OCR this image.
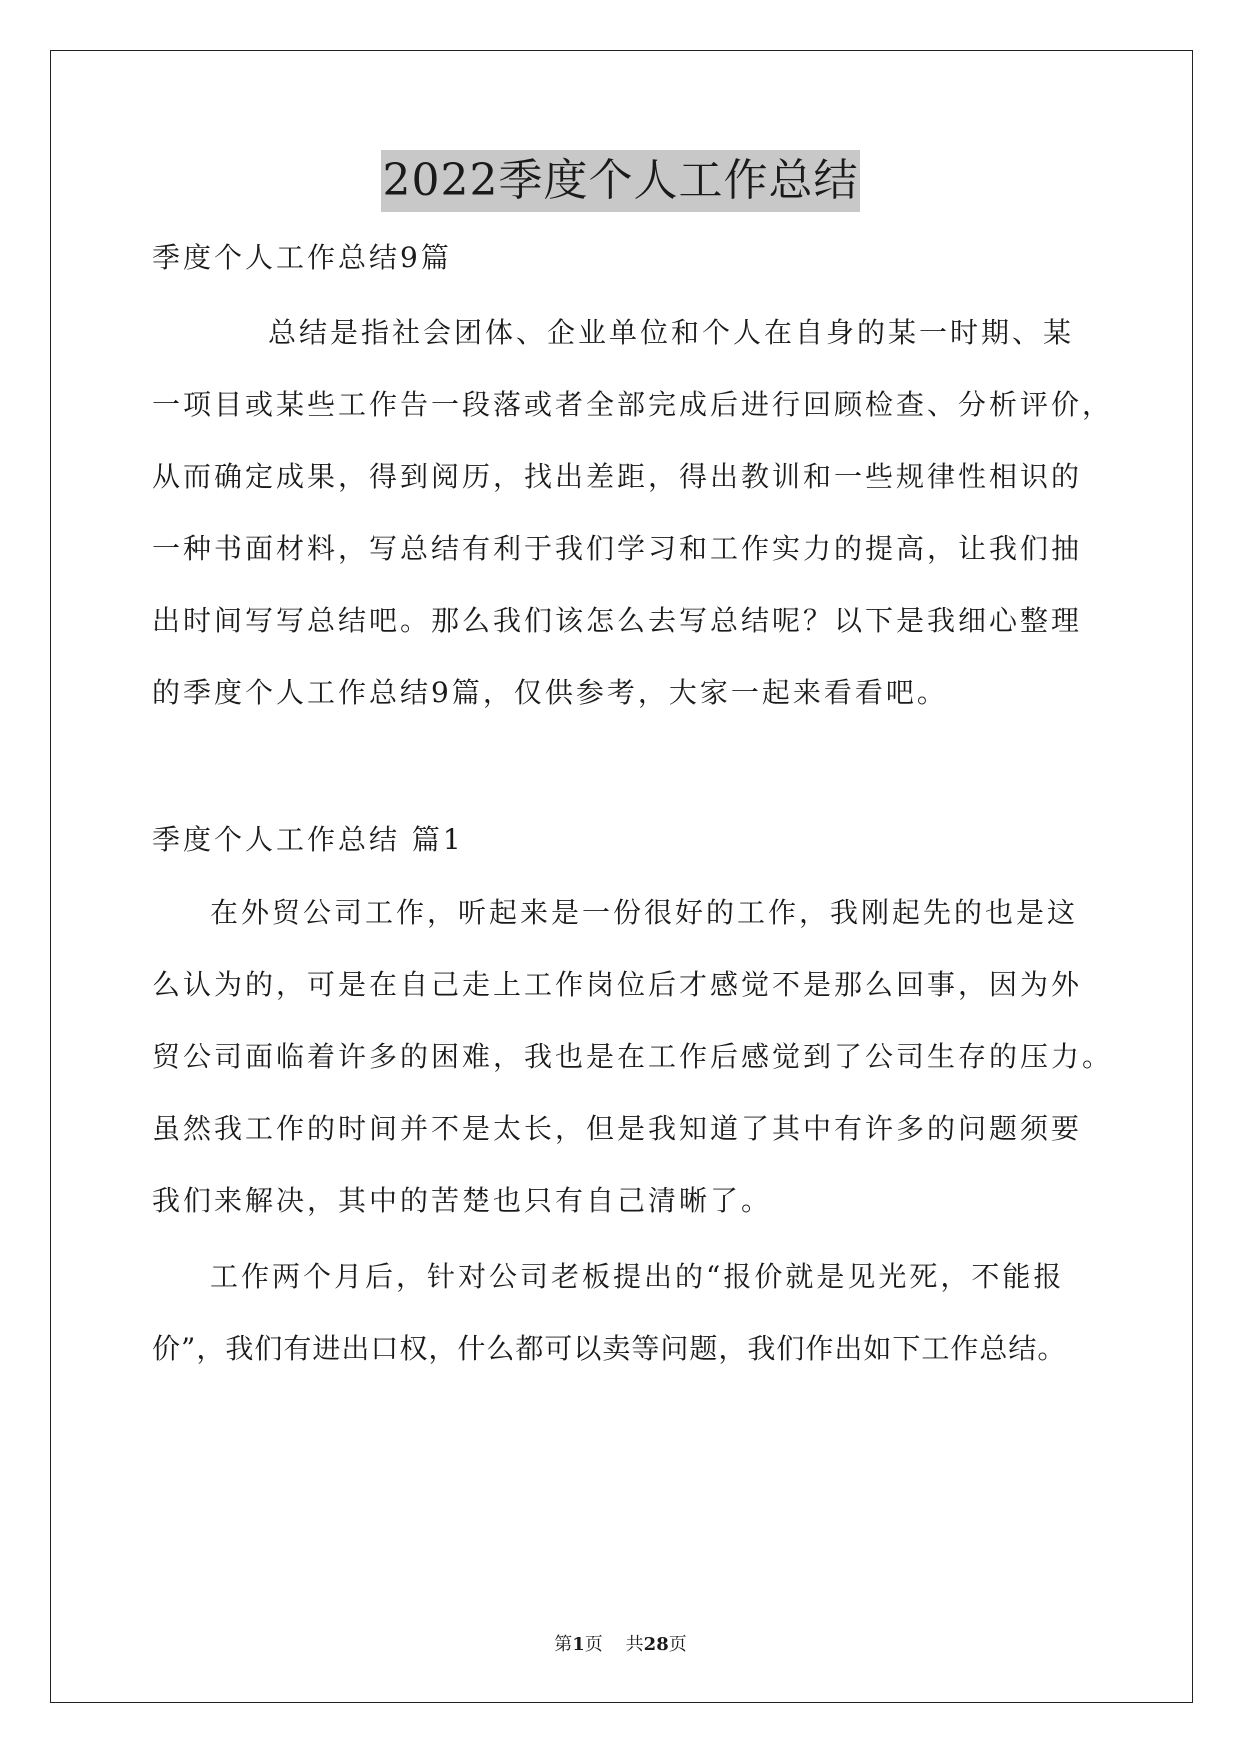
2022季度个人工作总结
季度个人工作总结9篇
总结是指社会团体、企业单位和个人在自身的某一时期、某
一项目或某些工作告一段落或者全部完成后进行回顾检查、分析评价，
从而确定成果，得到阅历，找出差距，得出教训和一些规律性相识的
一种书面材料，写总结有利于我们学习和工作实力的提高，让我们抽
出时间写写总结吧。那么我们该怎么去写总结呢？以下是我细心整理
的季度个人工作总结9篇，仅供参考，大家一起来看看吧。
季度个人工作总结 篇1
在外贸公司工作，听起来是一份很好的工作，我刚起先的也是这
么认为的，可是在自己走上工作岗位后才感觉不是那么回事，因为外
贸公司面临着许多的困难，我也是在工作后感觉到了公司生存的压力。
虽然我工作的时间并不是太长，但是我知道了其中有许多的问题须要
我们来解决，其中的苦楚也只有自己清晰了。
工作两个月后，针对公司老板提出的“报价就是见光死，不能报
价”，我们有进出口权，什么都可以卖等问题，我们作出如下工作总结。
第1页    共28页
